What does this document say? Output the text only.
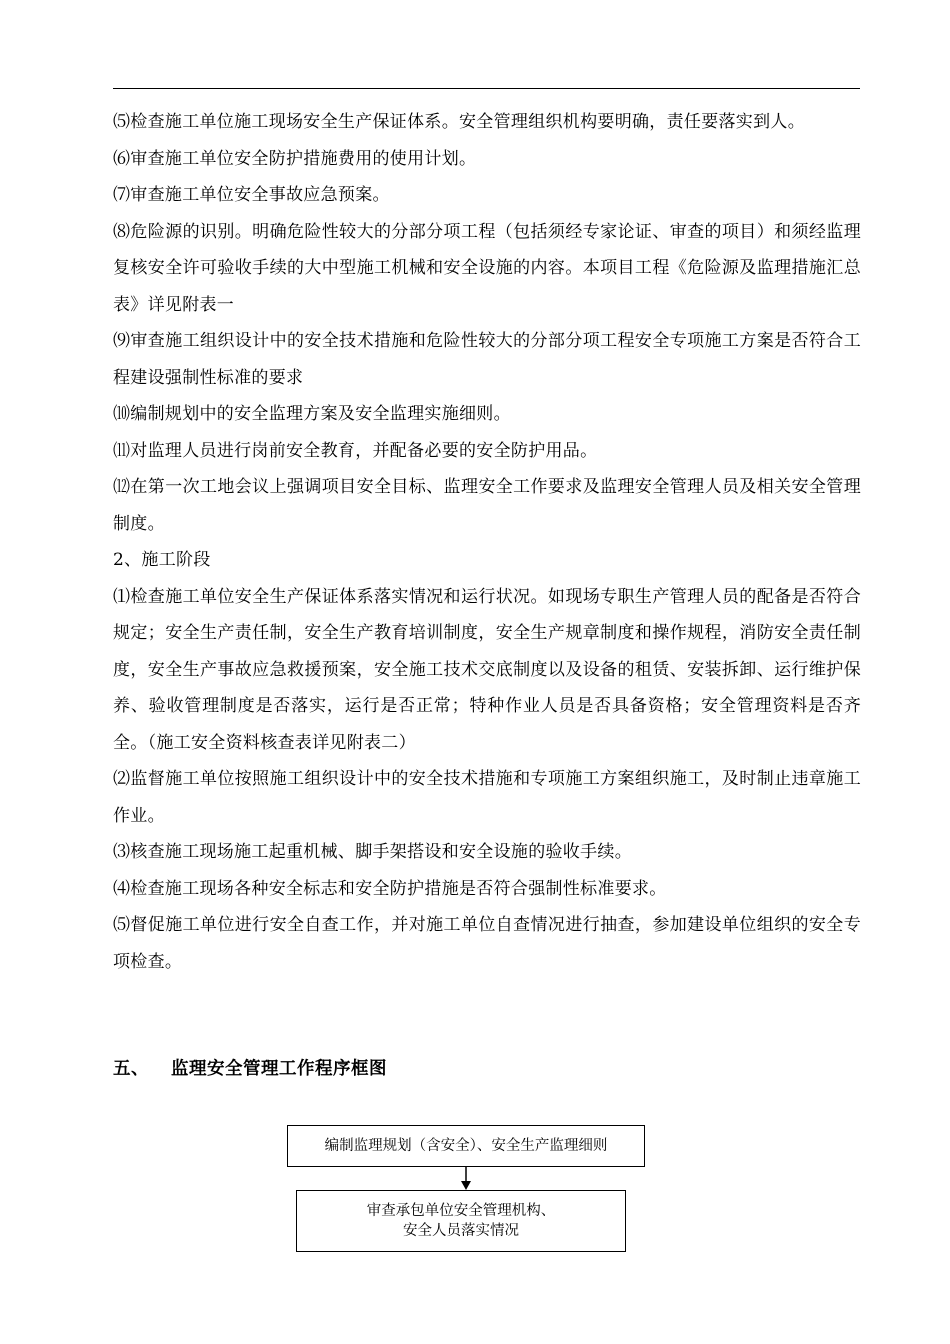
⑸检查施工单位施工现场安全生产保证体系。安全管理组织机构要明确，责任要落实到人。

⑹审查施工单位安全防护措施费用的使用计划。

⑺审查施工单位安全事故应急预案。

⑻危险源的识别。明确危险性较大的分部分项工程（包括须经专家论证、审查的项目）和须经监理复核安全许可验收手续的大中型施工机械和安全设施的内容。本项目工程《危险源及监理措施汇总表》详见附表一

⑼审查施工组织设计中的安全技术措施和危险性较大的分部分项工程安全专项施工方案是否符合工程建设强制性标准的要求

⑽编制规划中的安全监理方案及安全监理实施细则。

⑾对监理人员进行岗前安全教育，并配备必要的安全防护用品。

⑿在第一次工地会议上强调项目安全目标、监理安全工作要求及监理安全管理人员及相关安全管理制度。

2、施工阶段

⑴检查施工单位安全生产保证体系落实情况和运行状况。如现场专职生产管理人员的配备是否符合规定；安全生产责任制，安全生产教育培训制度，安全生产规章制度和操作规程，消防安全责任制度，安全生产事故应急救援预案，安全施工技术交底制度以及设备的租赁、安装拆卸、运行维护保养、验收管理制度是否落实，运行是否正常；特种作业人员是否具备资格；安全管理资料是否齐全。（施工安全资料核查表详见附表二）

⑵监督施工单位按照施工组织设计中的安全技术措施和专项施工方案组织施工，及时制止违章施工作业。

⑶核查施工现场施工起重机械、脚手架搭设和安全设施的验收手续。

⑷检查施工现场各种安全标志和安全防护措施是否符合强制性标准要求。

⑸督促施工单位进行安全自查工作，并对施工单位自查情况进行抽查，参加建设单位组织的安全专项检查。

五、 监理安全管理工作程序框图
编制监理规划（含安全）、安全生产监理细则
审查承包单位安全管理机构、
安全人员落实情况
